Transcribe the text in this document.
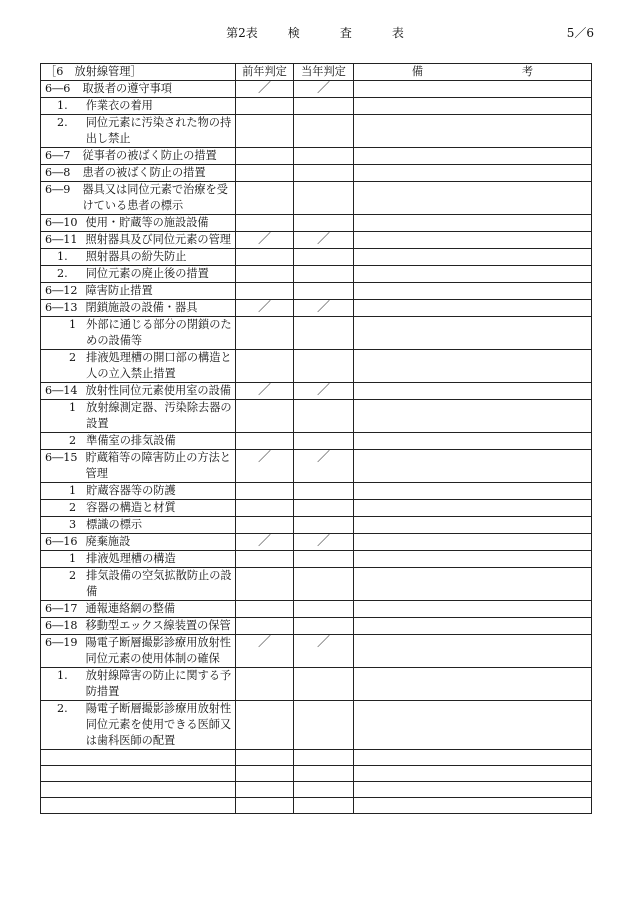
第2表	検	査	表	5／6
［6　放射線管理］	前年判定	当年判定	備 考

6―6 取扱者の遵守事項	／	／	

1. 作業衣の着用			

2. 同位元素に汚染された物の持出し禁止			

6―7 従事者の被ばく防止の措置			

6―8 患者の被ばく防止の措置			

6―9 器具又は同位元素で治療を受けている患者の標示			

6―10 使用・貯蔵等の施設設備			

6―11 照射器具及び同位元素の管理	／	／	

1. 照射器具の紛失防止			

2. 同位元素の廃止後の措置			

6―12 障害防止措置			

6―13 閉鎖施設の設備・器具	／	／	

1 外部に通じる部分の閉鎖のための設備等			

2 排液処理槽の開口部の構造と人の立入禁止措置			

6―14 放射性同位元素使用室の設備	／	／	

1 放射線測定器、汚染除去器の設置			

2 準備室の排気設備			

6―15 貯蔵箱等の障害防止の方法と管理	／	／	

1 貯蔵容器等の防護			

2 容器の構造と材質			

3 標識の標示			

6―16 廃棄施設	／	／	

1 排液処理槽の構造			

2 排気設備の空気拡散防止の設備			

6―17 通報連絡網の整備			

6―18 移動型エックス線装置の保管			

6―19 陽電子断層撮影診療用放射性同位元素の使用体制の確保	／	／	

1. 放射線障害の防止に関する予防措置			

2. 陽電子断層撮影診療用放射性同位元素を使用できる医師又は歯科医師の配置			
